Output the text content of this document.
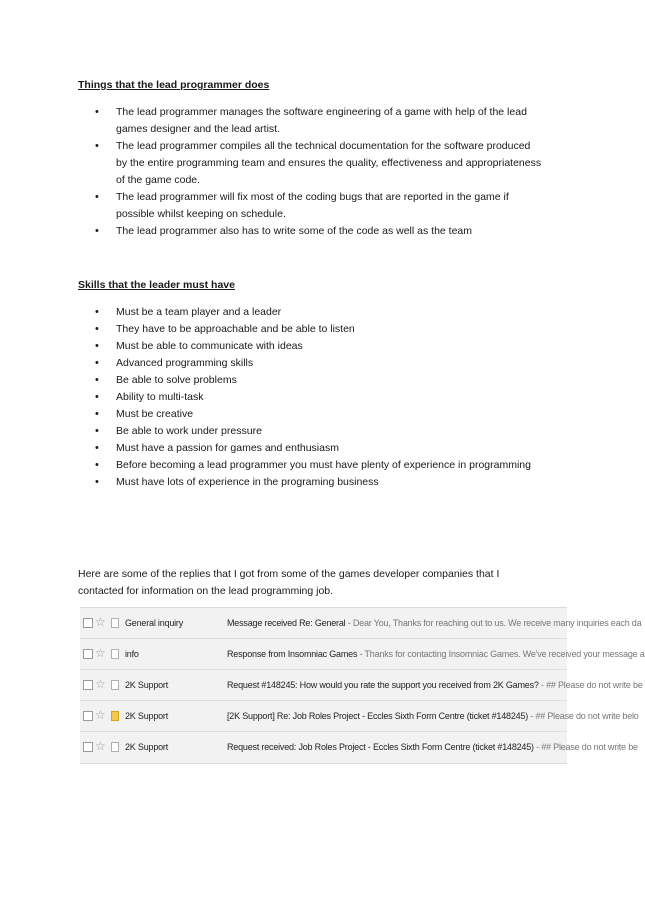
Things that the lead programmer does
• The lead programmer manages the software engineering of a game with help of the lead
games designer and the lead artist.
• The lead programmer compiles all the technical documentation for the software produced
by the entire programming team and ensures the quality, effectiveness and appropriateness
of the game code.
• The lead programmer will fix most of the coding bugs that are reported in the game if
possible whilst keeping on schedule.
• The lead programmer also has to write some of the code as well as the team
Skills that the leader must have
• Must be a team player and a leader
• They have to be approachable and be able to listen
• Must be able to communicate with ideas
• Advanced programming skills
• Be able to solve problems
• Ability to multi-task
• Must be creative
• Be able to work under pressure
• Must have a passion for games and enthusiasm
• Before becoming a lead programmer you must have plenty of experience in programming
• Must have lots of experience in the programing business
Here are some of the replies that I got from some of the games developer companies that I
contacted for information on the lead programming job.
☆ General inquiry	Message received Re: General - Dear You, Thanks for reaching out to us. We receive many inquiries each da
☆ info	Response from Insomniac Games - Thanks for contacting Insomniac Games. We've received your message a
☆ 2K Support	Request #148245: How would you rate the support you received from 2K Games? - ## Please do not write be
☆ 2K Support	[2K Support] Re: Job Roles Project - Eccles Sixth Form Centre (ticket #148245) - ## Please do not write belo
☆ 2K Support	Request received: Job Roles Project - Eccles Sixth Form Centre (ticket #148245) - ## Please do not write be
